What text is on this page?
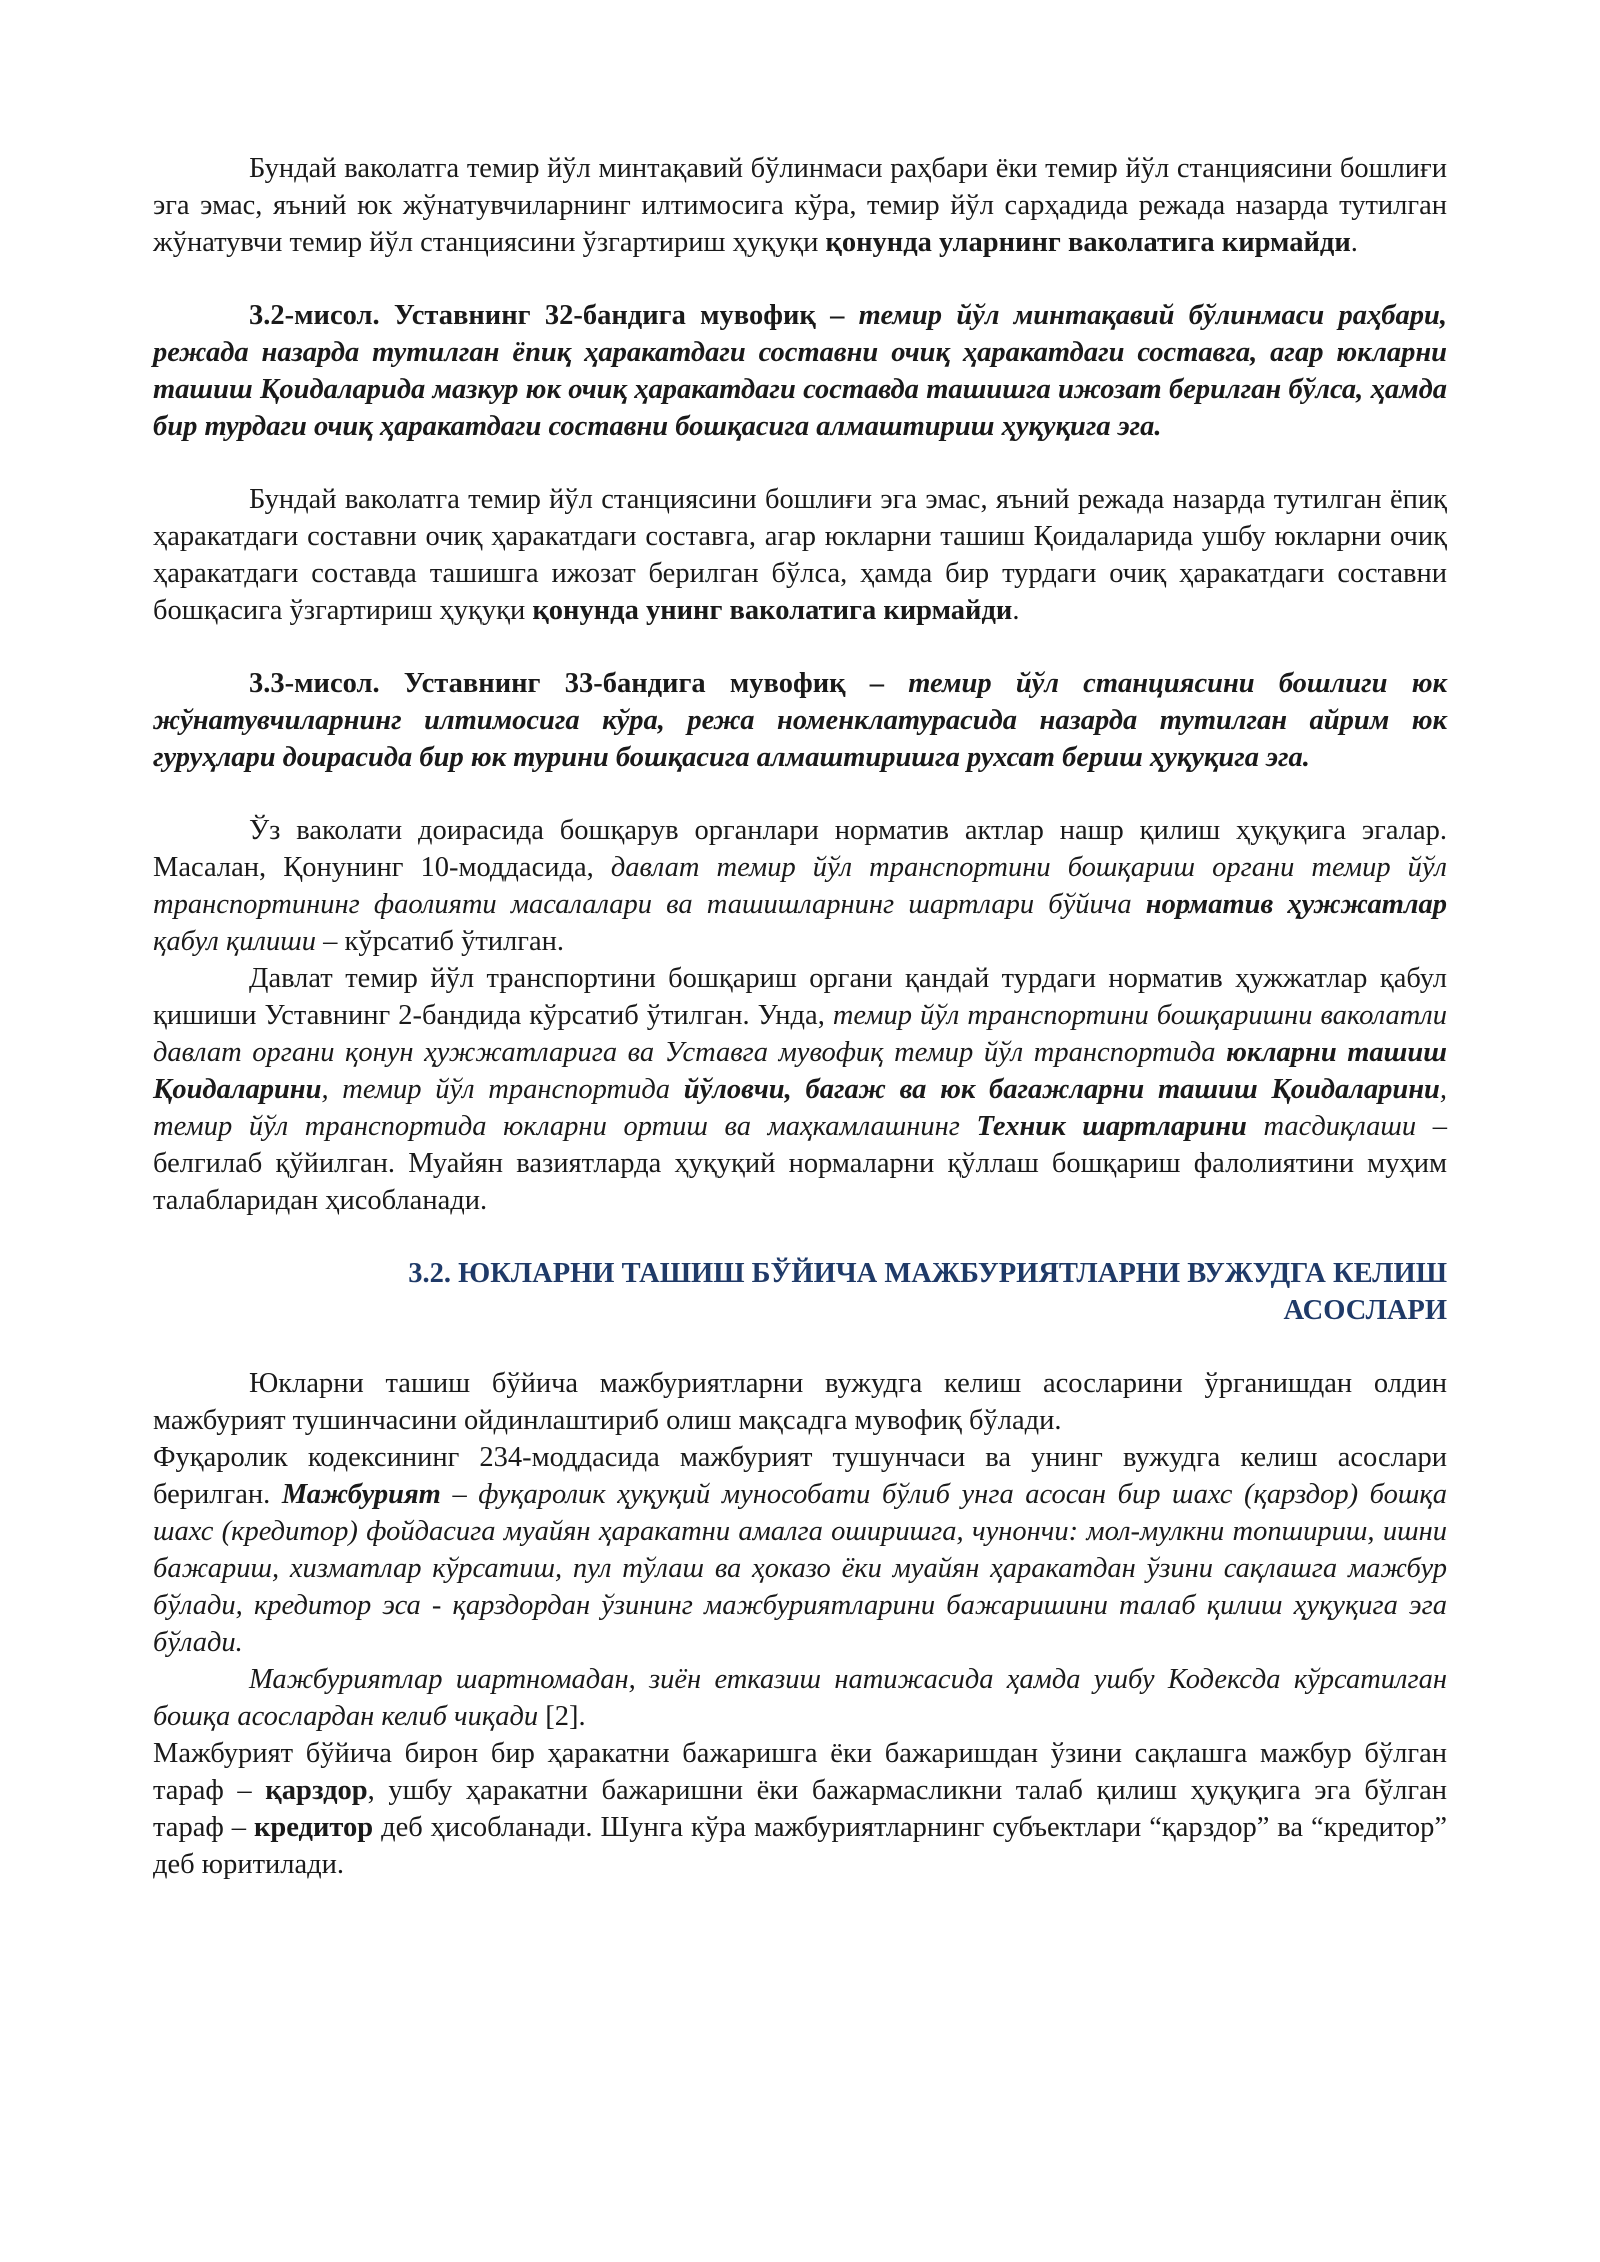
Бундай ваколатга темир йўл минтақавий бўлинмаси раҳбари ёки темир йўл станциясини бошлиғи эга эмас, яъний юк жўнатувчиларнинг илтимосига кўра, темир йўл сарҳадида режада назарда тутилган жўнатувчи темир йўл станциясини ўзгартириш ҳуқуқи қонунда уларнинг ваколатига кирмайди.

3.2-мисол. Уставнинг 32-бандига мувофиқ – темир йўл минтақавий бўлинмаси раҳбари, режада назарда тутилган ёпиқ ҳаракатдаги составни очиқ ҳаракатдаги составга, агар юкларни ташиш Қоидаларида мазкур юк очиқ ҳаракатдаги составда ташишга ижозат берилган бўлса, ҳамда бир турдаги очиқ ҳаракатдаги составни бошқасига алмаштириш ҳуқуқига эга.

Бундай ваколатга темир йўл станциясини бошлиғи эга эмас, яъний режада назарда тутилган ёпиқ ҳаракатдаги составни очиқ ҳаракатдаги составга, агар юкларни ташиш Қоидаларида ушбу юкларни очиқ ҳаракатдаги составда ташишга ижозат берилган бўлса, ҳамда бир турдаги очиқ ҳаракатдаги составни бошқасига ўзгартириш ҳуқуқи қонунда унинг ваколатига кирмайди.

3.3-мисол. Уставнинг 33-бандига мувофиқ – темир йўл станциясини бошлиги юк жўнатувчиларнинг илтимосига кўра, режа номенклатурасида назарда тутилган айрим юк гуруҳлари доирасида бир юк турини бошқасига алмаштиришга рухсат бериш ҳуқуқига эга.

Ўз ваколати доирасида бошқарув органлари норматив актлар нашр қилиш ҳуқуқига эгалар. Масалан, Қонунинг 10-моддасида, давлат темир йўл транспортини бошқариш органи темир йўл транспортининг фаолияти масалалари ва ташишларнинг шартлари бўйича норматив ҳужжатлар қабул қилиши – кўрсатиб ўтилган.

Давлат темир йўл транспортини бошқариш органи қандай турдаги норматив ҳужжатлар қабул қишиши Уставнинг 2-бандида кўрсатиб ўтилган. Унда, темир йўл транспортини бошқаришни ваколатли давлат органи қонун ҳужжатларига ва Уставга мувофиқ темир йўл транспортида юкларни ташиш Қоидаларини, темир йўл транспортида йўловчи, багаж ва юк багажларни ташиш Қоидаларини, темир йўл транспортида юкларни ортиш ва маҳкамлашнинг Техник шартларини тасдиқлаши – белгилаб қўйилган. Муайян вазиятларда ҳуқуқий нормаларни қўллаш бошқариш фалолиятини муҳим талабларидан ҳисобланади.

3.2. ЮКЛАРНИ ТАШИШ БЎЙИЧА МАЖБУРИЯТЛАРНИ ВУЖУДГА КЕЛИШ

АСОСЛАРИ

Юкларни ташиш бўйича мажбуриятларни вужудга келиш асосларини ўрганишдан олдин мажбурият тушинчасини ойдинлаштириб олиш мақсадга мувофиқ бўлади.

Фуқаролик кодексининг 234-моддасида мажбурият тушунчаси ва унинг вужудга келиш асослари берилган. Мажбурият – фуқаролик ҳуқуқий мунособати бўлиб унга асосан бир шахс (қарздор) бошқа шахс (кредитор) фойдасига муайян ҳаракатни амалга оширишга, чунончи: мол-мулкни топшириш, ишни бажариш, хизматлар кўрсатиш, пул тўлаш ва ҳоказо ёки муайян ҳаракатдан ўзини сақлашга мажбур бўлади, кредитор эса - қарздордан ўзининг мажбуриятларини бажаришини талаб қилиш ҳуқуқига эга бўлади.

Мажбуриятлар шартномадан, зиён етказиш натижасида ҳамда ушбу Кодексда кўрсатилган бошқа асослардан келиб чиқади [2].

Мажбурият бўйича бирон бир ҳаракатни бажаришга ёки бажаришдан ўзини сақлашга мажбур бўлган тараф – қарздор, ушбу ҳаракатни бажаришни ёки бажармасликни талаб қилиш ҳуқуқига эга бўлган тараф – кредитор деб ҳисобланади. Шунга кўра мажбуриятларнинг субъектлари “қарздор” ва “кредитор” деб юритилади.
